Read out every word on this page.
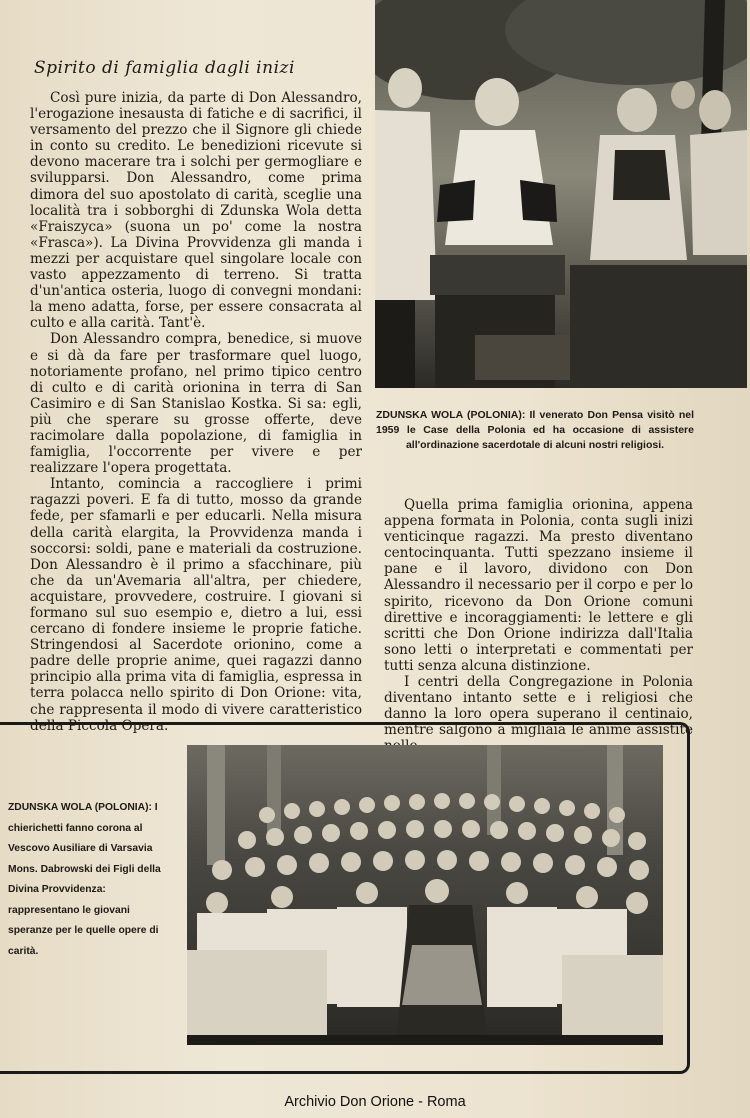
Spirito di famiglia dagli inizi

Così pure inizia, da parte di Don Alessandro, l'erogazione inesausta di fatiche e di sacrifici, il versamento del prezzo che il Signore gli chiede in conto su credito. Le benedizioni ricevute si devono macerare tra i solchi per germogliare e svilupparsi. Don Alessandro, come prima dimora del suo apostolato di carità, sceglie una località tra i sobborghi di Zdunska Wola detta «Fraiszyca» (suona un po' come la nostra «Frasca»). La Divina Provvidenza gli manda i mezzi per acquistare quel singolare locale con vasto appezzamento di terreno. Si tratta d'un'antica osteria, luogo di convegni mondani: la meno adatta, forse, per essere consacrata al culto e alla carità. Tant'è.

Don Alessandro compra, benedice, si muove e si dà da fare per trasformare quel luogo, notoriamente profano, nel primo tipico centro di culto e di carità orionina in terra di San Casimiro e di San Stanislao Kostka. Si sa: egli, più che sperare su grosse offerte, deve racimolare dalla popolazione, di famiglia in famiglia, l'occorrente per vivere e per realizzare l'opera progettata.

Intanto, comincia a raccogliere i primi ragazzi poveri. E fa di tutto, mosso da grande fede, per sfamarli e per educarli. Nella misura della carità elargita, la Provvidenza manda i soccorsi: soldi, pane e materiali da costruzione. Don Alessandro è il primo a sfacchinare, più che da un'Avemaria all'altra, per chiedere, acquistare, provvedere, costruire. I giovani si formano sul suo esempio e, dietro a lui, essi cercano di fondere insieme le proprie fatiche. Stringendosi al Sacerdote orionino, come a padre delle proprie anime, quei ragazzi danno principio alla prima vita di famiglia, espressa in terra polacca nello spirito di Don Orione: vita, che rappresenta il modo di vivere caratteristico della Piccola Opera.

ZDUNSKA WOLA (POLONIA): Il venerato Don Pensa visitò nel 1959 le Case della Polonia ed ha occasione di assistere all'ordinazione sacerdotale di alcuni nostri religiosi.

Quella prima famiglia orionina, appena appena formata in Polonia, conta sugli inizi venticinque ragazzi. Ma presto diventano centocinquanta. Tutti spezzano insieme il pane e il lavoro, dividono con Don Alessandro il necessario per il corpo e per lo spirito, ricevono da Don Orione comuni direttive e incoraggiamenti: le lettere e gli scritti che Don Orione indirizza dall'Italia sono letti o interpretati e commentati per tutti senza alcuna distinzione.

I centri della Congregazione in Polonia diventano intanto sette e i religiosi che danno la loro opera superano il centinaio, mentre salgono a migliaia le anime assistite

ZDUNSKA WOLA (POLONIA): I chierichetti fanno corona al Vescovo Ausiliare di Varsavia Mons. Dabrowski dei Figli della Divina Provvidenza: rappresentano le giovani speranze per le quelle opere di carità.
Archivio Don Orione - Roma
